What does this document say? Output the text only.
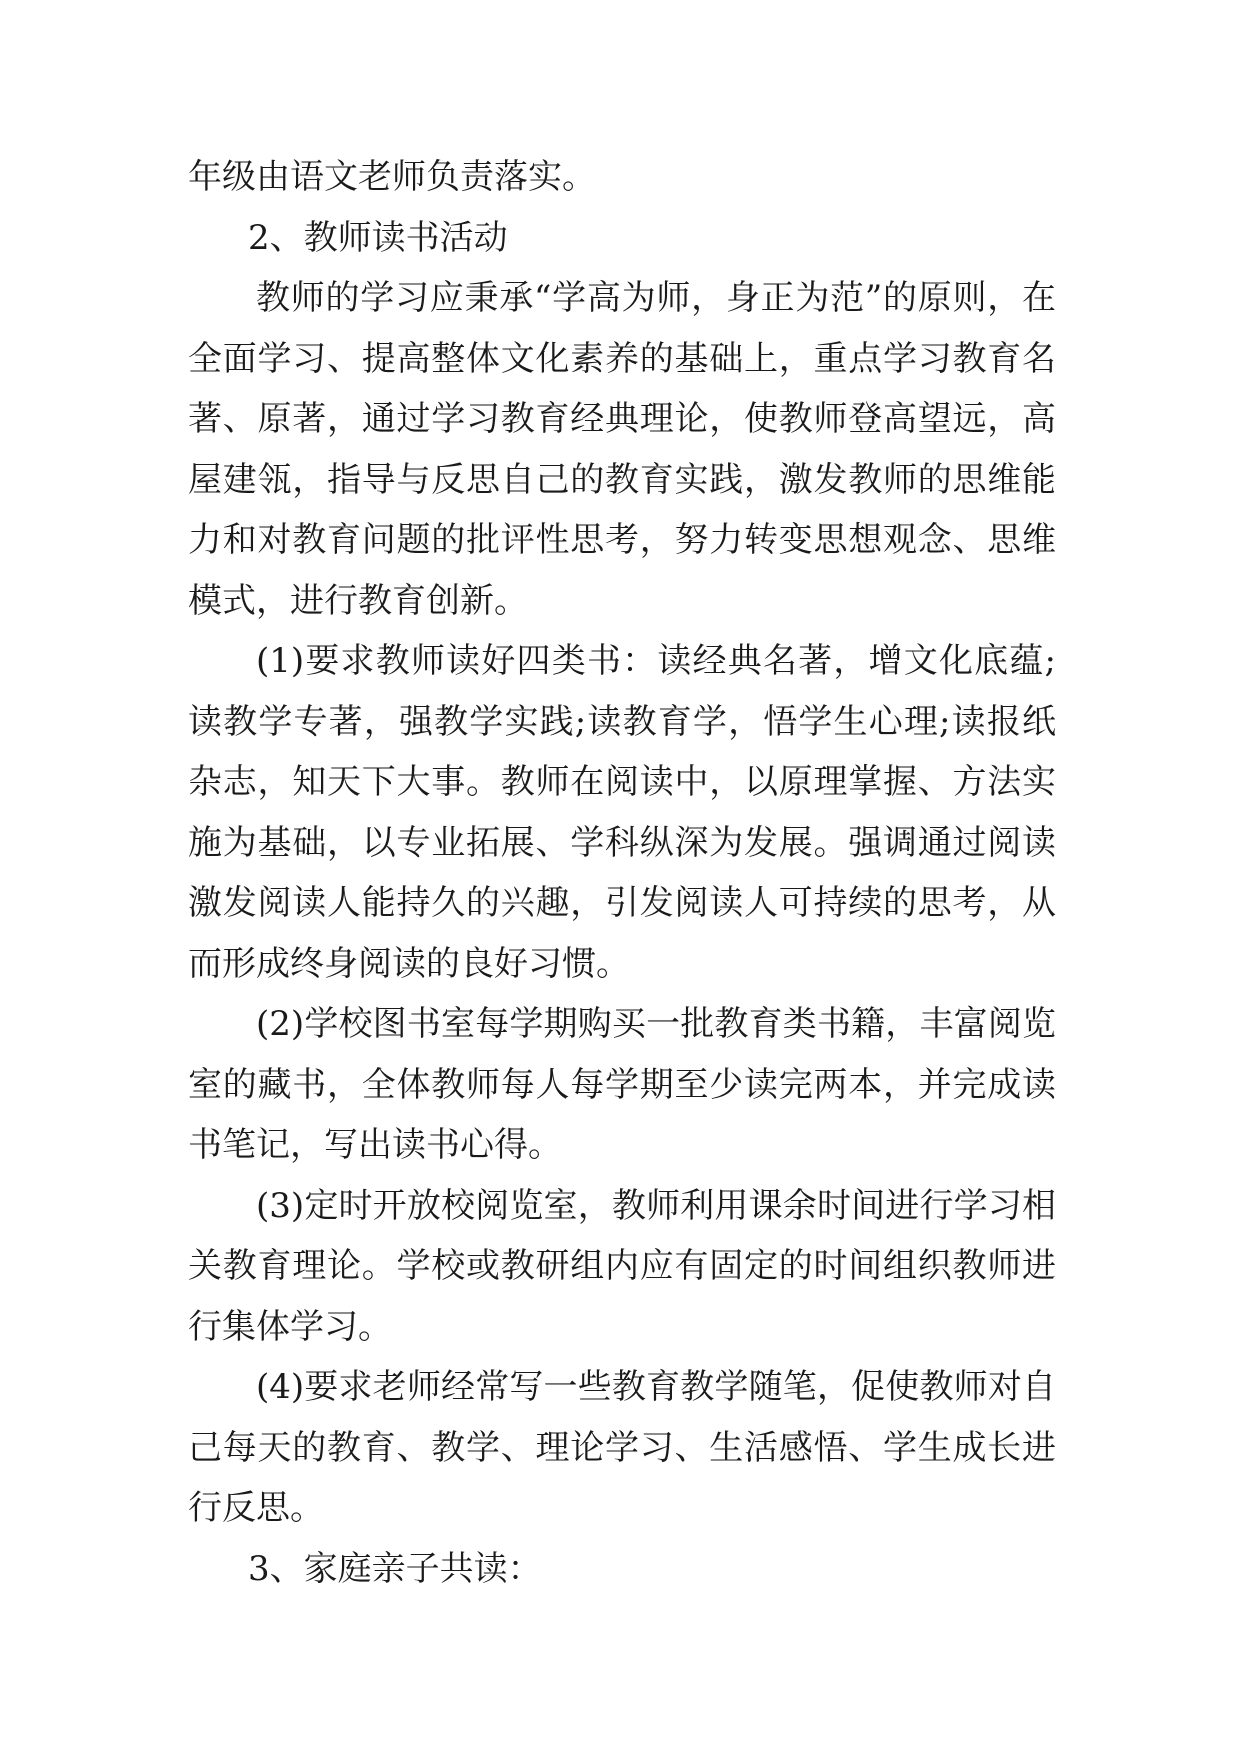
年级由语文老师负责落实。

2、教师读书活动

教师的学习应秉承“学高为师，身正为范”的原则，在全面学习、提高整体文化素养的基础上，重点学习教育名著、原著，通过学习教育经典理论，使教师登高望远，高屋建瓴，指导与反思自己的教育实践，激发教师的思维能力和对教育问题的批评性思考，努力转变思想观念、思维模式，进行教育创新。

(1)要求教师读好四类书：读经典名著，增文化底蕴;读教学专著，强教学实践;读教育学，悟学生心理;读报纸杂志，知天下大事。教师在阅读中，以原理掌握、方法实施为基础，以专业拓展、学科纵深为发展。强调通过阅读激发阅读人能持久的兴趣，引发阅读人可持续的思考，从而形成终身阅读的良好习惯。

(2)学校图书室每学期购买一批教育类书籍，丰富阅览室的藏书，全体教师每人每学期至少读完两本，并完成读书笔记，写出读书心得。

(3)定时开放校阅览室，教师利用课余时间进行学习相关教育理论。学校或教研组内应有固定的时间组织教师进行集体学习。

(4)要求老师经常写一些教育教学随笔，促使教师对自己每天的教育、教学、理论学习、生活感悟、学生成长进行反思。

3、家庭亲子共读：
